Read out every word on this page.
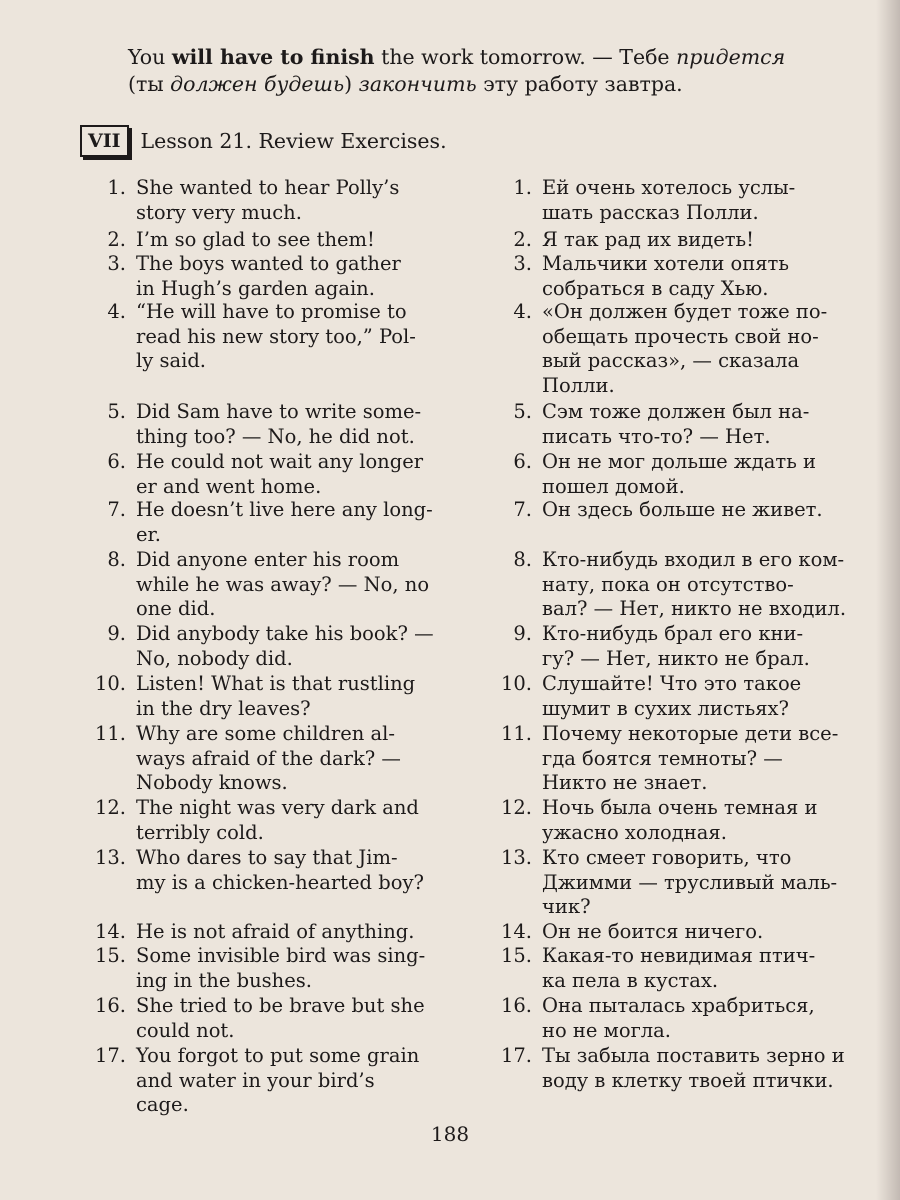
You will have to finish the work tomorrow. — Тебе придется
(ты должен будешь) закончить эту работу завтра.
VII Lesson 21. Review Exercises.
1. She wanted to hear Polly’s
story very much.
2. I’m so glad to see them!
3. The boys wanted to gather
in Hugh’s garden again.
4. “He will have to promise to
read his new story too,” Pol-
ly said.
5. Did Sam have to write some-
thing too? — No, he did not.
6. He could not wait any longer
er and went home.
7. He doesn’t live here any long-
er.
8. Did anyone enter his room
while he was away? — No, no
one did.
9. Did anybody take his book? —
No, nobody did.
10. Listen! What is that rustling
in the dry leaves?
11. Why are some children al-
ways afraid of the dark? —
Nobody knows.
12. The night was very dark and
terribly cold.
13. Who dares to say that Jim-
my is a chicken-hearted boy?
14. He is not afraid of anything.
15. Some invisible bird was sing-
ing in the bushes.
16. She tried to be brave but she
could not.
17. You forgot to put some grain
and water in your bird’s
cage.
1. Ей очень хотелось услы-
шать рассказ Полли.
2. Я так рад их видеть!
3. Мальчики хотели опять
собраться в саду Хью.
4. «Он должен будет тоже по-
обещать прочесть свой но-
вый рассказ», — сказала
Полли.
5. Сэм тоже должен был на-
писать что-то? — Нет.
6. Он не мог дольше ждать и
пошел домой.
7. Он здесь больше не живет.
8. Кто-нибудь входил в его ком-
нату, пока он отсутство-
вал? — Нет, никто не входил.
9. Кто-нибудь брал его кни-
гу? — Нет, никто не брал.
10. Слушайте! Что это такое
шумит в сухих листьях?
11. Почему некоторые дети все-
гда боятся темноты? —
Никто не знает.
12. Ночь была очень темная и
ужасно холодная.
13. Кто смеет говорить, что
Джимми — трусливый маль-
чик?
14. Он не боится ничего.
15. Какая-то невидимая птич-
ка пела в кустах.
16. Она пыталась храбриться,
но не могла.
17. Ты забыла поставить зерно и
воду в клетку твоей птички.
188
